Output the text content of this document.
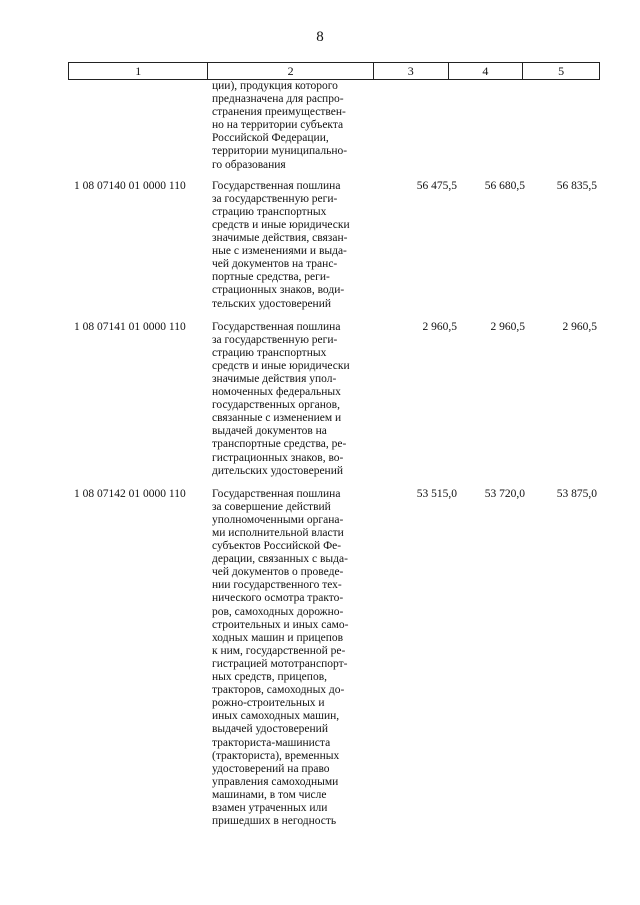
8
1	2	3	4	5
ции), продукция которого
предназначена для распро-
странения преимуществен-
но на территории субъекта
Российской Федерации,
территории муниципально-
го образования
1 08 07140 01 0000 110	Государственная пошлина
за государственную реги-
страцию транспортных
средств и иные юридически
значимые действия, связан-
ные с изменениями и выда-
чей документов на транс-
портные средства, реги-
страционных знаков, води-
тельских удостоверений
56 475,5	56 680,5	56 835,5
1 08 07141 01 0000 110	Государственная пошлина
за государственную реги-
страцию транспортных
средств и иные юридически
значимые действия упол-
номоченных федеральных
государственных органов,
связанные с изменением и
выдачей документов на
транспортные средства, ре-
гистрационных знаков, во-
дительских удостоверений
2 960,5	2 960,5	2 960,5
1 08 07142 01 0000 110	Государственная пошлина
за совершение действий
уполномоченными органа-
ми исполнительной власти
субъектов Российской Фе-
дерации, связанных с выда-
чей документов о проведе-
нии государственного тех-
нического осмотра тракто-
ров, самоходных дорожно-
строительных и иных само-
ходных машин и прицепов
к ним, государственной ре-
гистрацией мототранспорт-
ных средств, прицепов,
тракторов, самоходных до-
рожно-строительных и
иных самоходных машин,
выдачей удостоверений
тракториста-машиниста
(тракториста), временных
удостоверений на право
управления самоходными
машинами, в том числе
взамен утраченных или
пришедших в негодность
53 515,0	53 720,0	53 875,0
